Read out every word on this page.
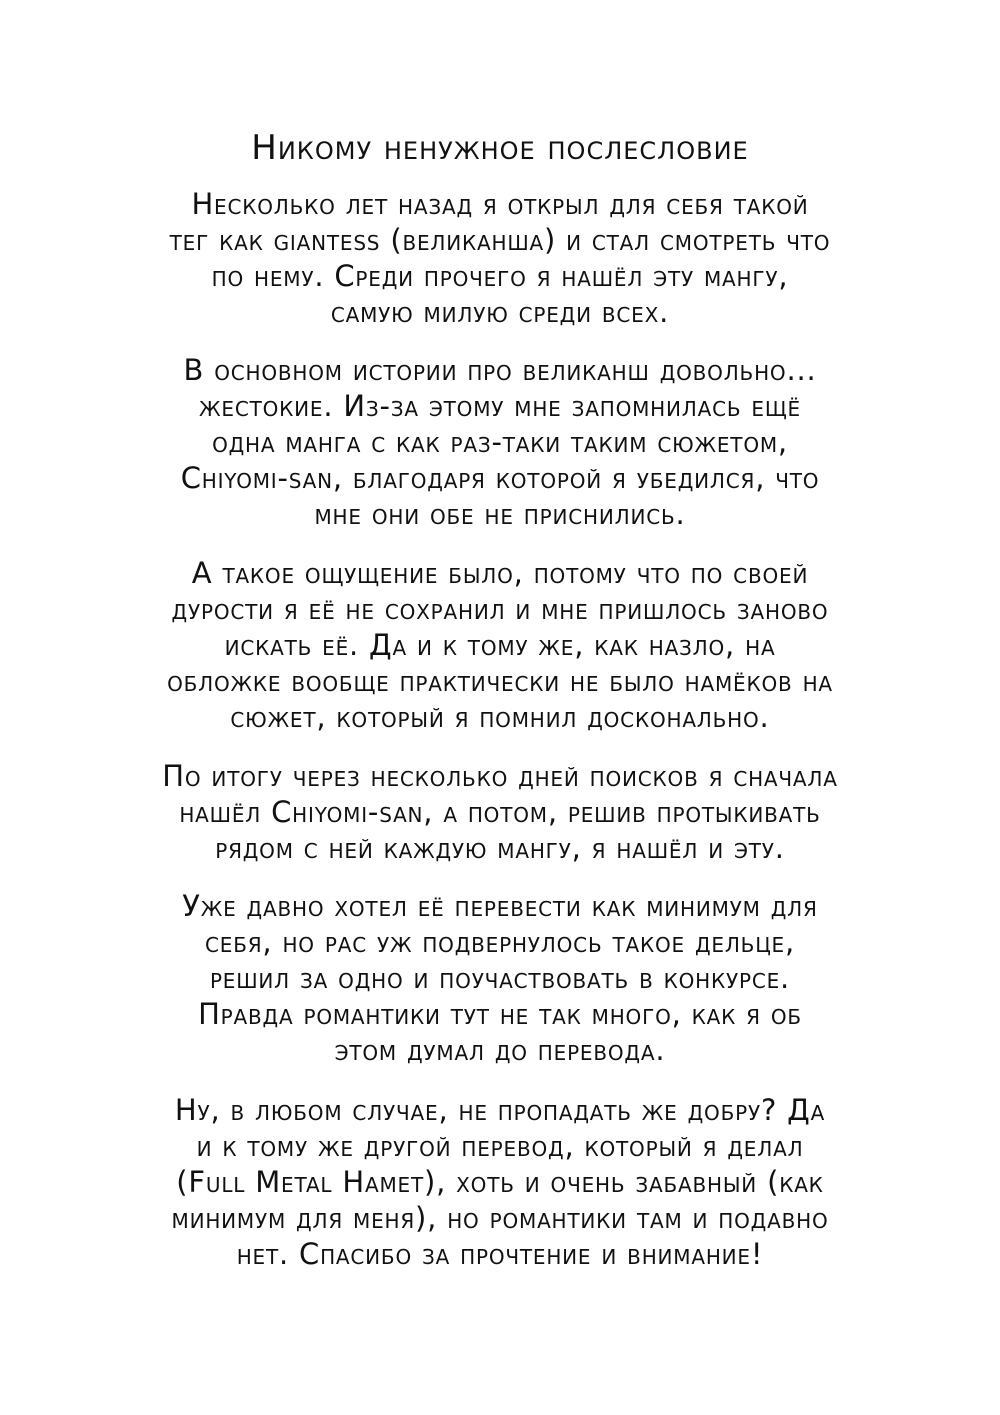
Никому ненужное послесловие
Несколько лет назад я открыл для себя такой
тег как giantess (великанша) и стал смотреть что
по нему. Среди прочего я нашёл эту мангу,
самую милую среди всех.
В основном истории про великанш довольно...
жестокие. Из-за этому мне запомнилась ещё
одна манга с как раз-таки таким сюжетом,
Chiyomi-san, благодаря которой я убедился, что
мне они обе не приснились.
А такое ощущение было, потому что по своей
дурости я её не сохранил и мне пришлось заново
искать её. Да и к тому же, как назло, на
обложке вообще практически не было намёков на
сюжет, который я помнил досконально.
По итогу через несколько дней поисков я сначала
нашёл Chiyomi-san, а потом, решив протыкивать
рядом с ней каждую мангу, я нашёл и эту.
Уже давно хотел её перевести как минимум для
себя, но рас уж подвернулось такое дельце,
решил за одно и поучаствовать в конкурсе.
Правда романтики тут не так много, как я об
этом думал до перевода.
Ну, в любом случае, не пропадать же добру? Да
и к тому же другой перевод, который я делал
(Full Metal Hamet), хоть и очень забавный (как
минимум для меня), но романтики там и подавно
нет. Спасибо за прочтение и внимание!
